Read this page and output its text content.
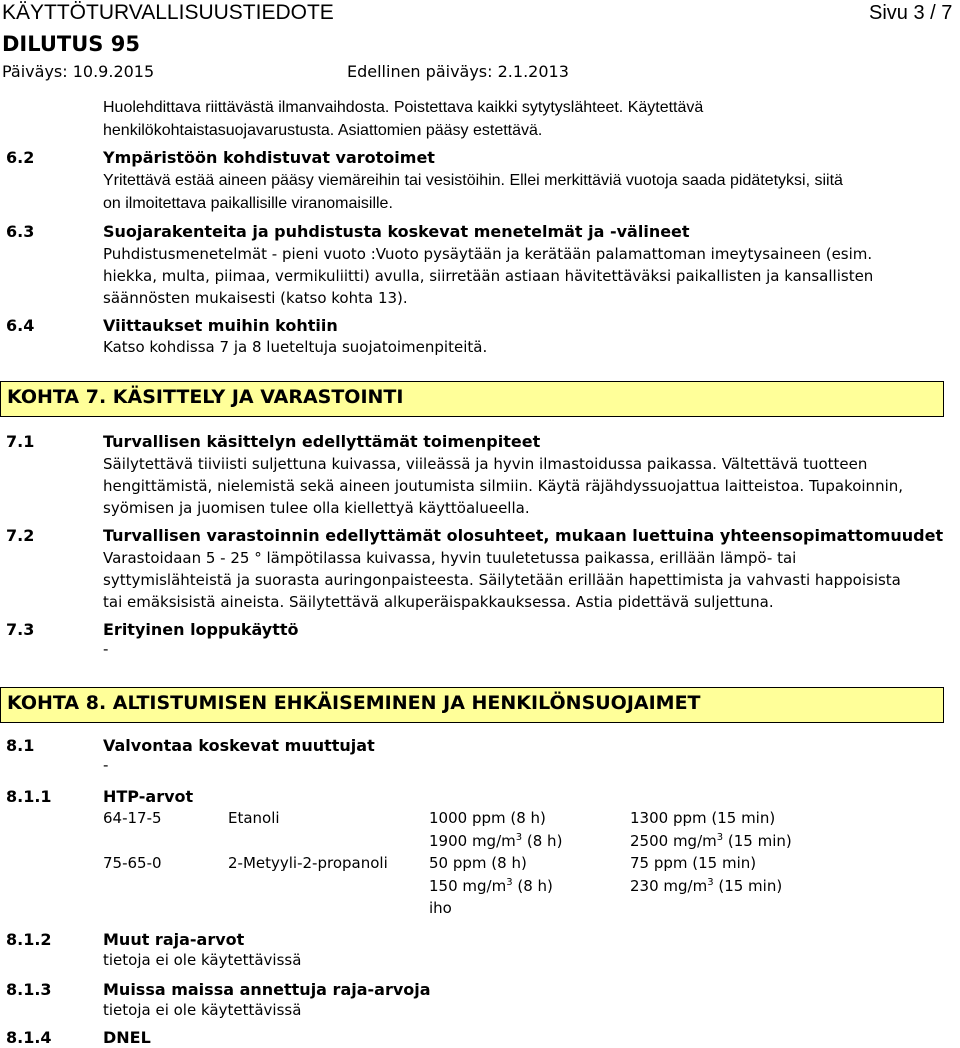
KÄYTTÖTURVALLISUUSTIEDOTE	Sivu 3 / 7
DILUTUS 95
Päiväys: 10.9.2015	Edellinen päiväys: 2.1.2013
Huolehdittava riittävästä ilmanvaihdosta. Poistettava kaikki sytytyslähteet. Käytettävä
henkilökohtaistasuojavarustusta. Asiattomien pääsy estettävä.
6.2	Ympäristöön kohdistuvat varotoimet
Yritettävä estää aineen pääsy viemäreihin tai vesistöihin. Ellei merkittäviä vuotoja saada pidätetyksi, siitä
on ilmoitettava paikallisille viranomaisille.
6.3	Suojarakenteita ja puhdistusta koskevat menetelmät ja -välineet
Puhdistusmenetelmät - pieni vuoto :Vuoto pysäytään ja kerätään palamattoman imeytysaineen (esim.
hiekka, multa, piimaa, vermikuliitti) avulla, siirretään astiaan hävitettäväksi paikallisten ja kansallisten
säännösten mukaisesti (katso kohta 13).
6.4	Viittaukset muihin kohtiin
Katso kohdissa 7 ja 8 lueteltuja suojatoimenpiteitä.
KOHTA 7. KÄSITTELY JA VARASTOINTI
7.1	Turvallisen käsittelyn edellyttämät toimenpiteet
Säilytettävä tiiviisti suljettuna kuivassa, viileässä ja hyvin ilmastoidussa paikassa. Vältettävä tuotteen
hengittämistä, nielemistä sekä aineen joutumista silmiin. Käytä räjähdyssuojattua laitteistoa. Tupakoinnin,
syömisen ja juomisen tulee olla kiellettyä käyttöalueella.
7.2	Turvallisen varastoinnin edellyttämät olosuhteet, mukaan luettuina yhteensopimattomuudet
Varastoidaan 5 - 25 ° lämpötilassa kuivassa, hyvin tuuletetussa paikassa, erillään lämpö- tai
syttymislähteistä ja suorasta auringonpaisteesta. Säilytetään erillään hapettimista ja vahvasti happoisista
tai emäksisistä aineista. Säilytettävä alkuperäispakkauksessa. Astia pidettävä suljettuna.
7.3	Erityinen loppukäyttö
-
KOHTA 8. ALTISTUMISEN EHKÄISEMINEN JA HENKILÖNSUOJAIMET
8.1	Valvontaa koskevat muuttujat
-
8.1.1	HTP-arvot
64-17-5	Etanoli	1000 ppm (8 h)	1300 ppm (15 min)
1900 $mg/m^3$ (8 h)	2500 $mg/m^3$ (15 min)
75-65-0	2-Metyyli-2-propanoli	50 ppm (8 h)	75 ppm (15 min)
150 $mg/m^3$ (8 h)	230 $mg/m^3$ (15 min)
iho
8.1.2	Muut raja-arvot
tietoja ei ole käytettävissä
8.1.3	Muissa maissa annettuja raja-arvoja
tietoja ei ole käytettävissä
8.1.4	DNEL
